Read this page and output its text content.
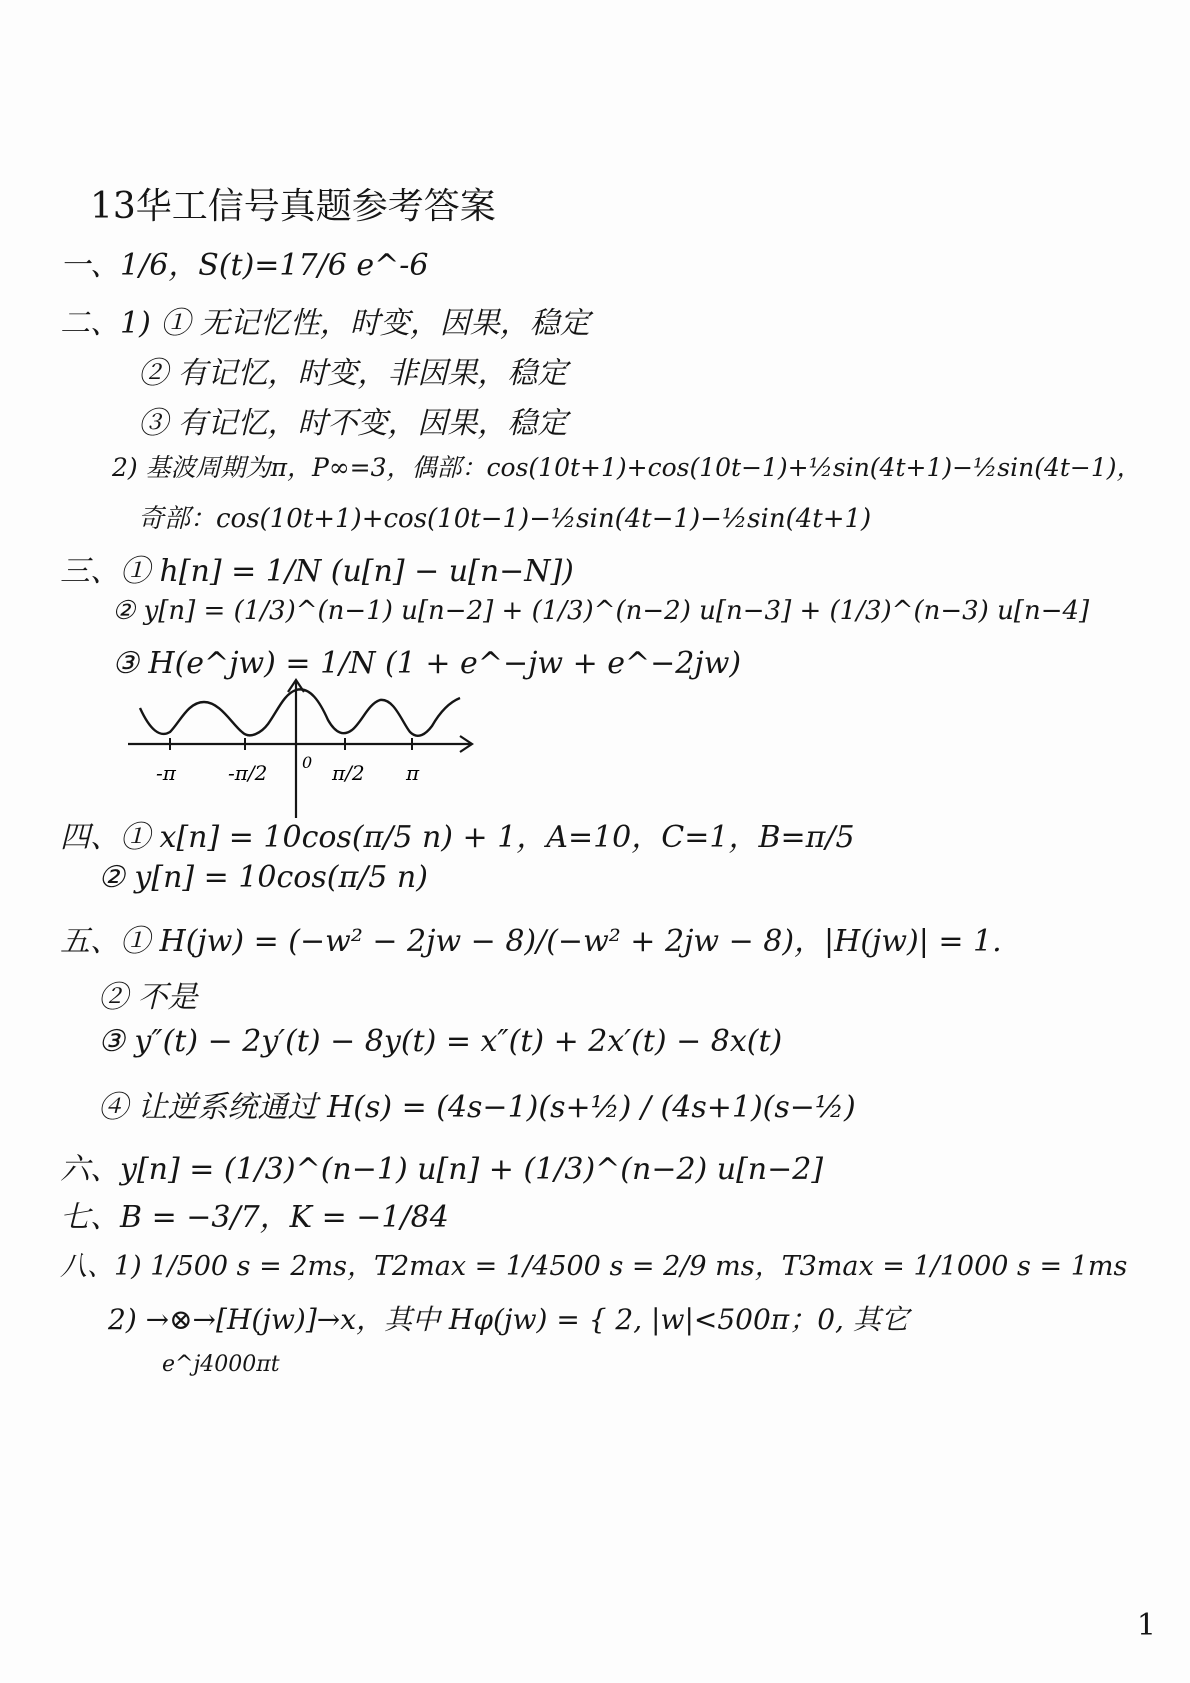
13华工信号真题参考答案
一、1/6，S(t)=17/6 e^-6
二、1) ① 无记忆性，时变，因果，稳定
② 有记忆，时变，非因果，稳定
③ 有记忆，时不变，因果，稳定
2) 基波周期为π，P∞=3，偶部：cos(10t+1)+cos(10t−1)+½sin(4t+1)−½sin(4t−1)，
奇部：cos(10t+1)+cos(10t−1)−½sin(4t−1)−½sin(4t+1)
三、① h[n] = 1/N (u[n] − u[n−N])
② y[n] = (1/3)^(n−1) u[n−2] + (1/3)^(n−2) u[n−3] + (1/3)^(n−3) u[n−4]
③ H(e^jw) = 1/N (1 + e^−jw + e^−2jw)
-π	-π/2 0 π/2 π
四、① x[n] = 10cos(π/5 n) + 1，A=10，C=1，B=π/5
② y[n] = 10cos(π/5 n)
五、① H(jw) = (−w² − 2jw − 8)/(−w² + 2jw − 8)，|H(jw)| = 1.
② 不是
③ y″(t) − 2y′(t) − 8y(t) = x″(t) + 2x′(t) − 8x(t)
④ 让逆系统通过 H(s) = (4s−1)(s+½) / (4s+1)(s−½)
六、y[n] = (1/3)^(n−1) u[n] + (1/3)^(n−2) u[n−2]
七、B = −3/7，K = −1/84
八、1) 1/500 s = 2ms，T2max = 1/4500 s = 2/9 ms，T3max = 1/1000 s = 1ms
2) →⊗→[H(jw)]→x，其中 Hφ(jw) = { 2, |w|<500π；0, 其它
e^j4000πt
1
